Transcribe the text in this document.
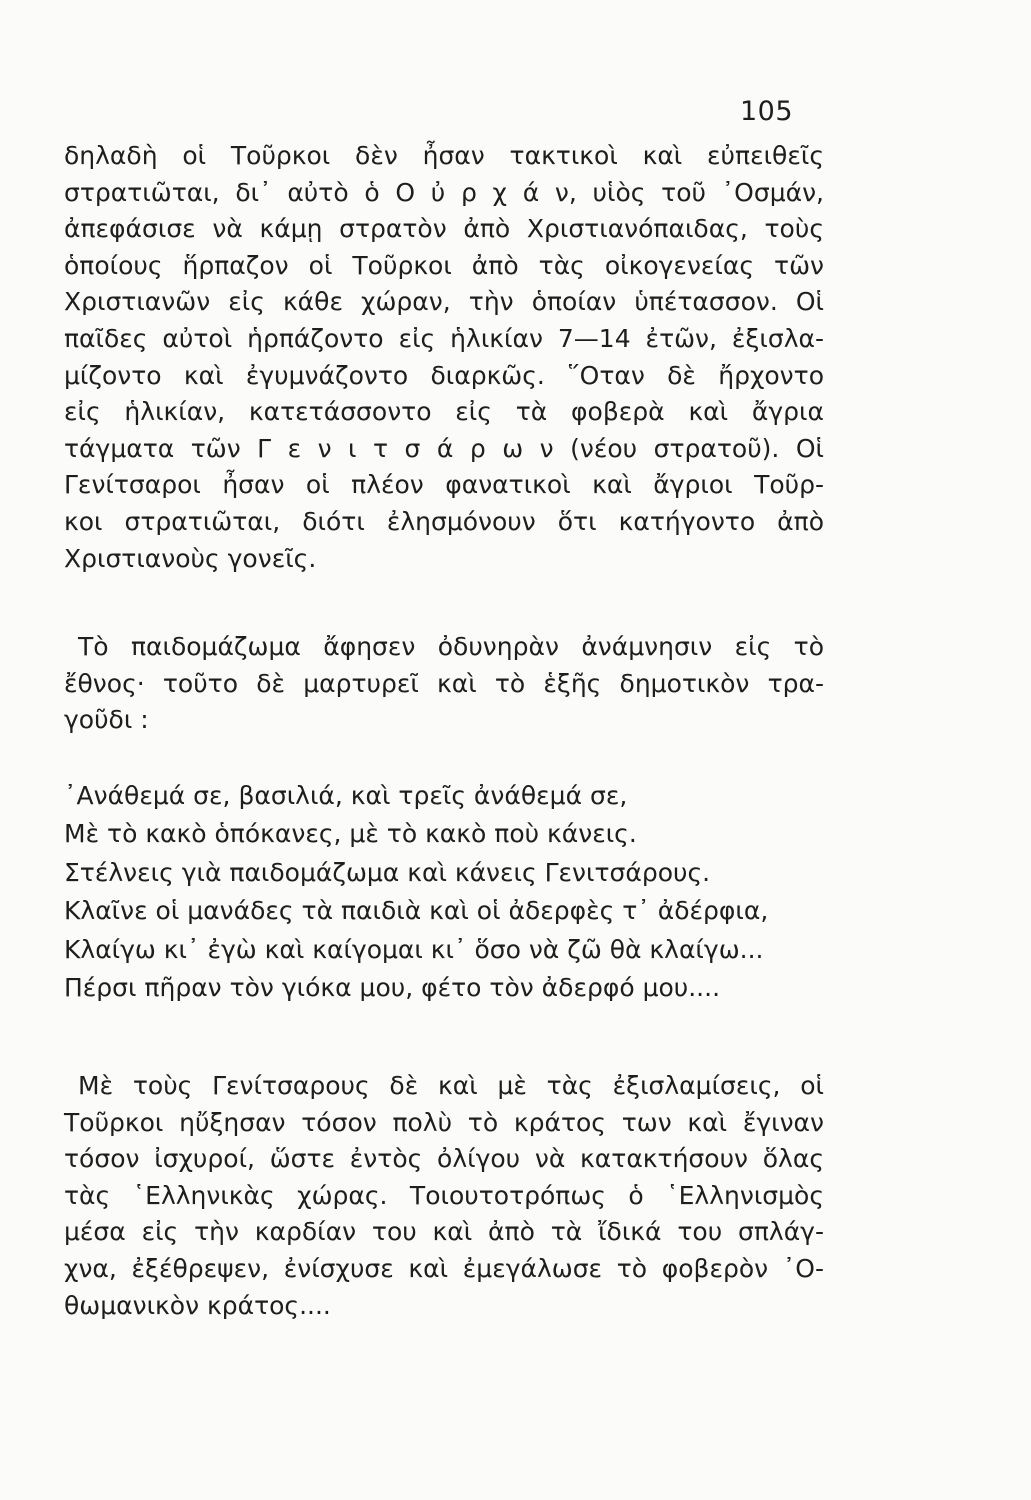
105
δηλαδὴ οἱ Τοῦρκοι δὲν ἦσαν τακτικοὶ καὶ εὐπειθεῖς
στρατιῶται, δι᾽ αὐτὸ ὁ Ο ὐ ρ χ ά ν, υἱὸς τοῦ ᾽Οσμάν,
ἀπεφάσισε νὰ κάμῃ στρατὸν ἀπὸ Χριστιανόπαιδας, τοὺς
ὁποίους ἥρπαζον οἱ Τοῦρκοι ἀπὸ τὰς οἰκογενείας τῶν
Χριστιανῶν εἰς κάθε χώραν, τὴν ὁποίαν ὑπέτασσον. Οἱ
παῖδες αὐτοὶ ἡρπάζοντο εἰς ἡλικίαν 7—14 ἐτῶν, ἐξισλα-
μίζοντο καὶ ἐγυμνάζοντο διαρκῶς. ῞Οταν δὲ ἤρχοντο
εἰς ἡλικίαν, κατετάσσοντο εἰς τὰ φοβερὰ καὶ ἄγρια
τάγματα τῶν Γ ε ν ι τ σ ά ρ ω ν (νέου στρατοῦ). Οἱ
Γενίτσαροι ἦσαν οἱ πλέον φανατικοὶ καὶ ἄγριοι Τοῦρ-
κοι στρατιῶται, διότι ἐλησμόνουν ὅτι κατήγοντο ἀπὸ
Χριστιανοὺς γονεῖς.
Τὸ παιδομάζωμα ἄφησεν ὀδυνηρὰν ἀνάμνησιν εἰς τὸ
ἔθνος· τοῦτο δὲ μαρτυρεῖ καὶ τὸ ἑξῆς δημοτικὸν τρα-
γοῦδι :
᾽Ανάθεμά σε, βασιλιά, καὶ τρεῖς ἀνάθεμά σε,
Μὲ τὸ κακὸ ὁπόκανες, μὲ τὸ κακὸ ποὺ κάνεις.
Στέλνεις γιὰ παιδομάζωμα καὶ κάνεις Γενιτσάρους.
Κλαῖνε οἱ μανάδες τὰ παιδιὰ καὶ οἱ ἀδερφὲς τ᾽ ἀδέρφια,
Κλαίγω κι᾽ ἐγὼ καὶ καίγομαι κι᾽ ὅσο νὰ ζῶ θὰ κλαίγω...
Πέρσι πῆραν τὸν γιόκα μου, φέτο τὸν ἀδερφό μου....
Μὲ τοὺς Γενίτσαρους δὲ καὶ μὲ τὰς ἐξισλαμίσεις, οἱ
Τοῦρκοι ηὔξησαν τόσον πολὺ τὸ κράτος των καὶ ἔγιναν
τόσον ἰσχυροί, ὥστε ἐντὸς ὀλίγου νὰ κατακτήσουν ὅλας
τὰς ῾Ελληνικὰς χώρας. Τοιουτοτρόπως ὁ ῾Ελληνισμὸς
μέσα εἰς τὴν καρδίαν του καὶ ἀπὸ τὰ ἴδικά του σπλάγ-
χνα, ἐξέθρεψεν, ἐνίσχυσε καὶ ἐμεγάλωσε τὸ φοβερὸν ᾽Ο-
θωμανικὸν κράτος....
